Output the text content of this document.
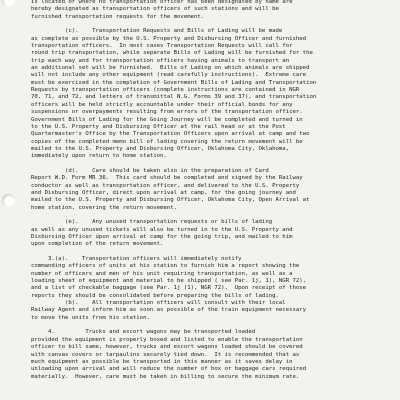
is located or where no transportation officer has been designated by name are
hereby designated as transportation officers of such stations and will be
furnished transportation requests for the movement.
(c).    Transportation Requests and Bills of Lading will be made
as complete as possible by the U.S. Property and Disbursing Officer and furnished
transportation officers.  In most cases Transportation Requests will call for
round trip transportation, while separate Bills of Lading will be furnished for the
trip each way and for transportation officers having animals to transport an
an additional set will be furnished.  Bills of Lading on which animals are shipped
will not include any other equipment (read carefully instructions).  Extreme care
must be exercised in the completion of Government Bills of Lading and Transportation
Requests by transportation officers (complete instructions are contained in NGR
70, 71, and 72, and letters of transmittal N.G. Forms 39 and 37), and transportation
officers will be held strictly accountable under their official bonds for any
suspensions or overpayments resulting from errors of the transportation officer.
Government Bills of Lading for the Going Journey will be completed and turned in
to the U.S. Property and Disbursing Officer at the rail head or at the Post
Quartermaster's Office by the Transportation Officers upon arrival at camp and two
copies of the completed memo bill of lading covering the return movement will be
mailed to the U.S. Property and Disbursing Officer, Oklahoma City, Oklahoma,
immediately upon return to home station.
(d).    Care should be taken also in the preparation of Card
Report W.D. Form MR 36.  This card should be completed and signed by the Railway
conductor as well as transportation officer, and delivered to the U.S. Property
and Disbursing Officer, direct upon arrival at camp, for the going journey and
mailed to the U.S. Property and Disbursing Officer, Oklahoma City, Open Arrival at
home station, covering the return movement.
(e).    Any unused transportation requests or bills of lading
as well as any unused tickets will also be turned in to the U.S. Property and
Disbursing Officer upon arrival at camp for the going trip, and mailed to him
upon completion of the return movement.
3.(a).    Transportation officers will immediately notify
commanding officers of units at his station to furnish him a report showing the
number of officers and men of his unit requiring transportation, as well as a
loading sheet of equipment and material to be shipped ( see Par. 1j, 1), NGR 72),
and a list of checkable baggage (see Par. 1j (1), NGR 72).  Upon receipt of those
reports they should be consolidated before preparing the bills of lading.
(b).    All transportation officers will consult with their local
Railway Agent and inform him as soon as possible of the train equipment necessary
to move the units from his station.
4.         Trucks and escort wagons may be transported loaded
provided the equipment is properly boxed and listed to enable the transportation
officer to bill same, however, trucks and escort wagons loaded should be covered
with canvas covers or tarpaulins securely tied down.  It is recommended that as
much equipment as possible be transported in this manner as it saves delay in
unloading upon arrival and will reduce the number of box or baggage cars required
materially.  However, care must be taken in billing to secure the minimum rate.
